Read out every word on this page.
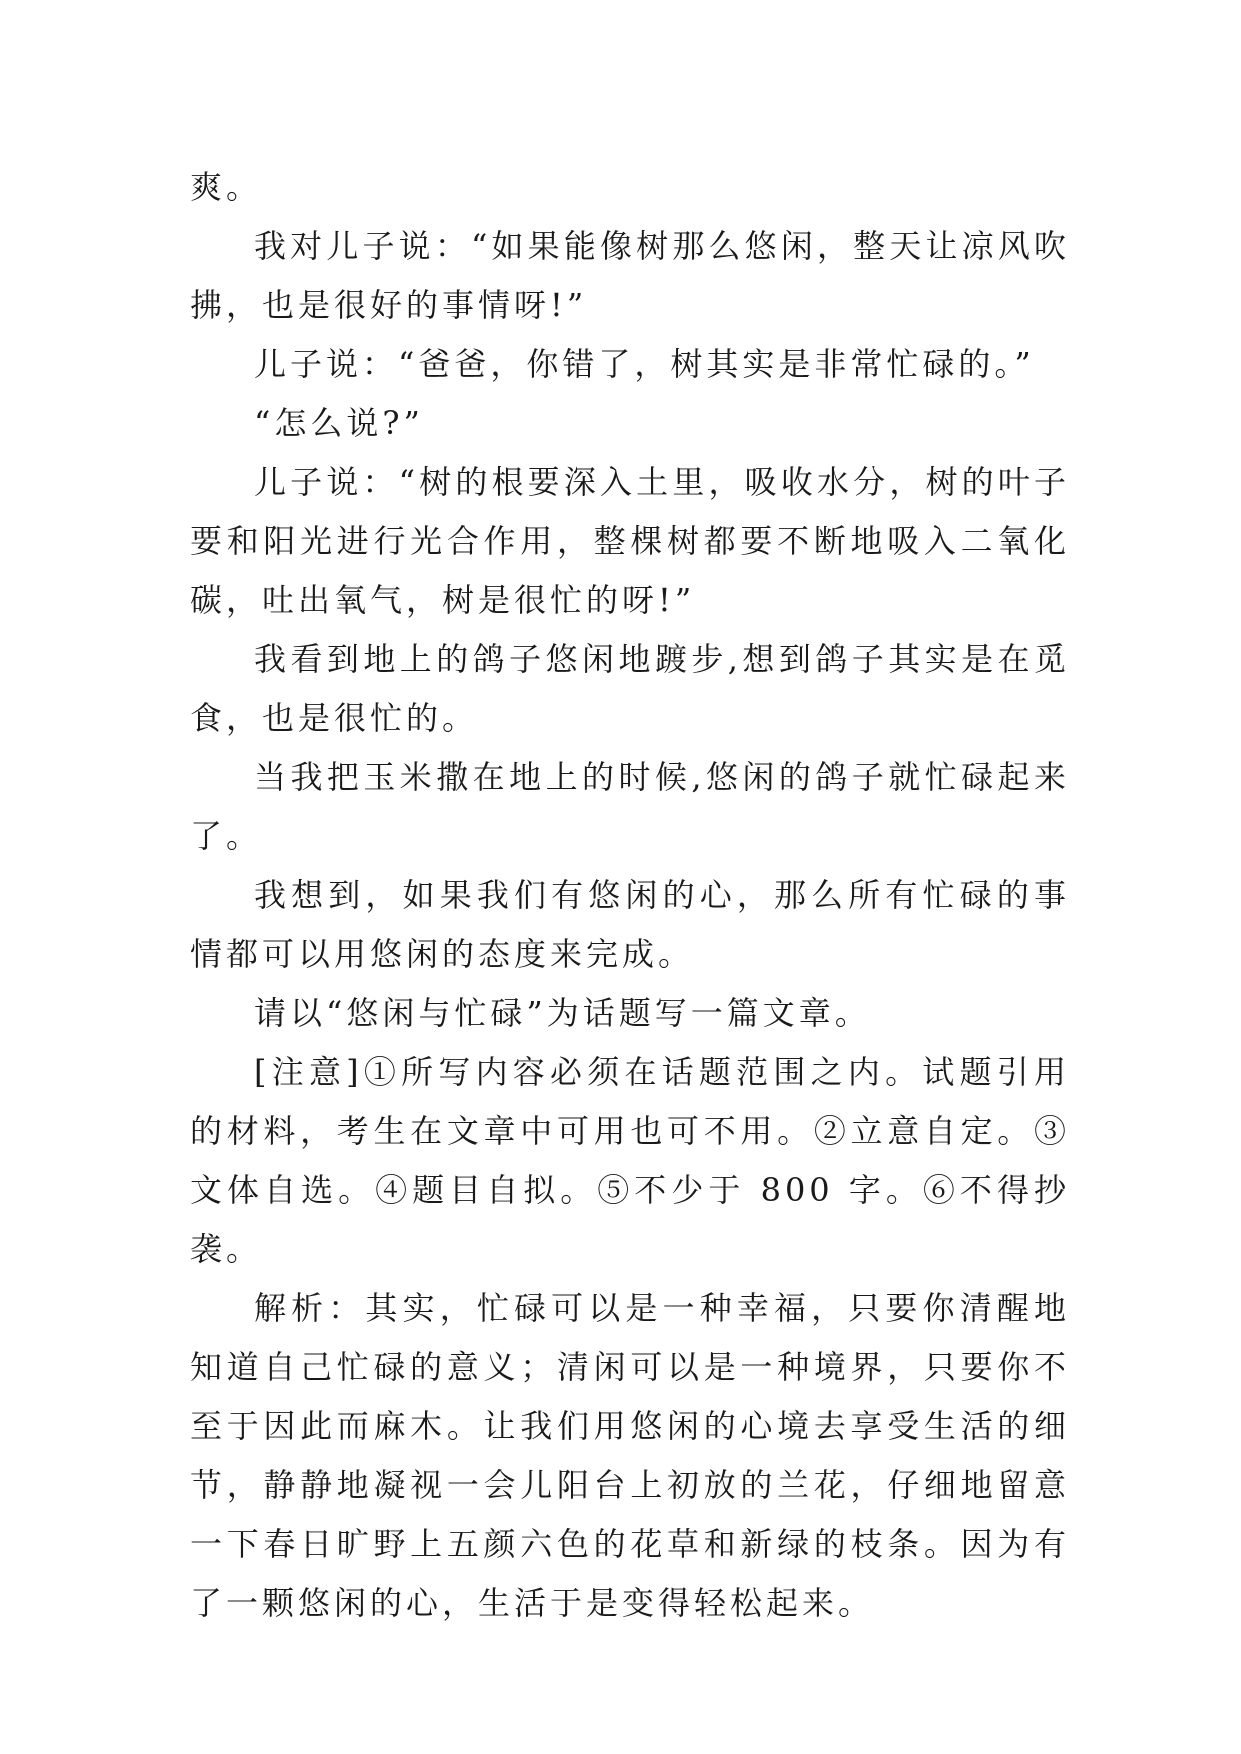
爽。

我对儿子说：“如果能像树那么悠闲，整天让凉风吹拂，也是很好的事情呀!”

儿子说：“爸爸，你错了，树其实是非常忙碌的。”

“怎么说?”

儿子说：“树的根要深入土里，吸收水分，树的叶子要和阳光进行光合作用，整棵树都要不断地吸入二氧化碳，吐出氧气，树是很忙的呀!”

我看到地上的鸽子悠闲地踱步,想到鸽子其实是在觅食，也是很忙的。

当我把玉米撒在地上的时候,悠闲的鸽子就忙碌起来了。

我想到，如果我们有悠闲的心，那么所有忙碌的事情都可以用悠闲的态度来完成。

请以“悠闲与忙碌”为话题写一篇文章。

[注意]①所写内容必须在话题范围之内。试题引用的材料，考生在文章中可用也可不用。②立意自定。③文体自选。④题目自拟。⑤不少于 800 字。⑥不得抄袭。

解析：其实，忙碌可以是一种幸福，只要你清醒地知道自己忙碌的意义；清闲可以是一种境界，只要你不至于因此而麻木。让我们用悠闲的心境去享受生活的细节，静静地凝视一会儿阳台上初放的兰花，仔细地留意一下春日旷野上五颜六色的花草和新绿的枝条。因为有了一颗悠闲的心，生活于是变得轻松起来。
